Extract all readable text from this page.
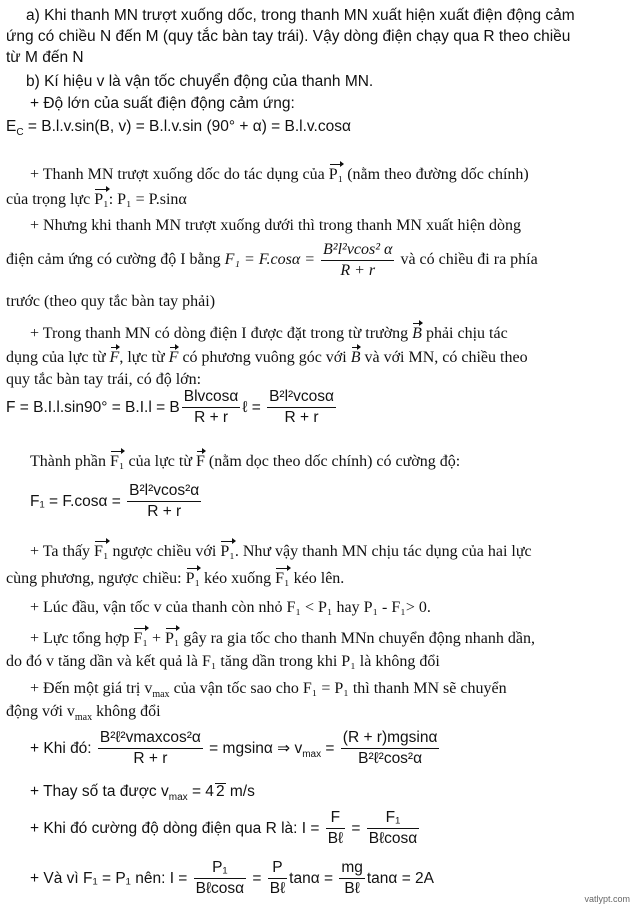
a) Khi thanh MN trượt xuống dốc, trong thanh MN xuất hiện xuất điện động cảm
ứng có chiều N đến M (quy tắc bàn tay trái). Vậy dòng điện chạy qua R theo chiều
từ M đến N
b) Kí hiệu v là vận tốc chuyển động của thanh MN.
+ Độ lớn của suất điện động cảm ứng:
$E_C = B.l.v.\sin(B$, v) = B.l.v.sin (90° + α) = B.l.v.cosα
+ Thanh MN trượt xuống dốc do tác dụng của P₁ (nằm theo đường dốc chính)
của trọng lực P₁: P₁ = P.sinα
+ Nhưng khi thanh MN trượt xuống dưới thì trong thanh MN xuất hiện dòng
điện cảm ứng có cường độ I bằng $F_1 = F.\cos\alpha = \frac{\text{B²l²vcos² α}}{R + r}$ và có chiều đi ra phía
trước (theo quy tắc bàn tay phải)
+ Trong thanh MN có dòng điện I được đặt trong từ trường B phải chịu tác
dụng của lực từ F, lực từ F có phương vuông góc với B và với MN, có chiều theo
quy tắc bàn tay trái, có độ lớn:
F = B.I.l.sin90° = B.I.l = B $\frac{\text{Blvcosα}}{R + r}$ ℓ = $\frac{\text{B²l²vcosα}}{R + r}$
Thành phần F₁ của lực từ F (nằm dọc theo dốc chính) có cường độ:
$F_1 = F.\cos\alpha = \frac{\text{B²l²vcos²α}}{R + r}$
+ Ta thấy F₁ ngược chiều với P₁. Như vậy thanh MN chịu tác dụng của hai lực
cùng phương, ngược chiều: P₁ kéo xuống F₁ kéo lên.
+ Lúc đầu, vận tốc v của thanh còn nhỏ F₁ < P₁ hay P₁ - F₁> 0.
+ Lực tổng hợp F₁ + P₁ gây ra gia tốc cho thanh MNn chuyển động nhanh dần,
do đó v tăng dần và kết quả là F₁ tăng dần trong khi P₁ là không đổi
+ Đến một giá trị $v_{max}$ của vận tốc sao cho F₁ = P₁ thì thanh MN sẽ chuyển
động với $v_{max}$ không đổi
+ Khi đó: $\frac{\text{B²ℓ²vmaxcos²α}}{R + r} = mgsin\alpha$ ⇒ $v_{max} = \frac{(R + r)mgsin\alpha}{\text{B²ℓ²cos²α}}$
+ Thay số ta được $v_{max} = 4$ 2 m/s
+ Khi đó cường độ dòng điện qua R là: $I = \frac{F}{\text{Bℓ}} = \frac{\text{F₁}}{\text{Bℓcosα}}$
+ Và vì F₁ = P₁ nên: $I = \frac{\text{P₁}}{\text{Bℓcosα}} = \frac{P}{\text{Bℓ}}$ $\tan\alpha = \frac{mg}{\text{Bℓ}}$ tanα = 2A
vatlypt.com
